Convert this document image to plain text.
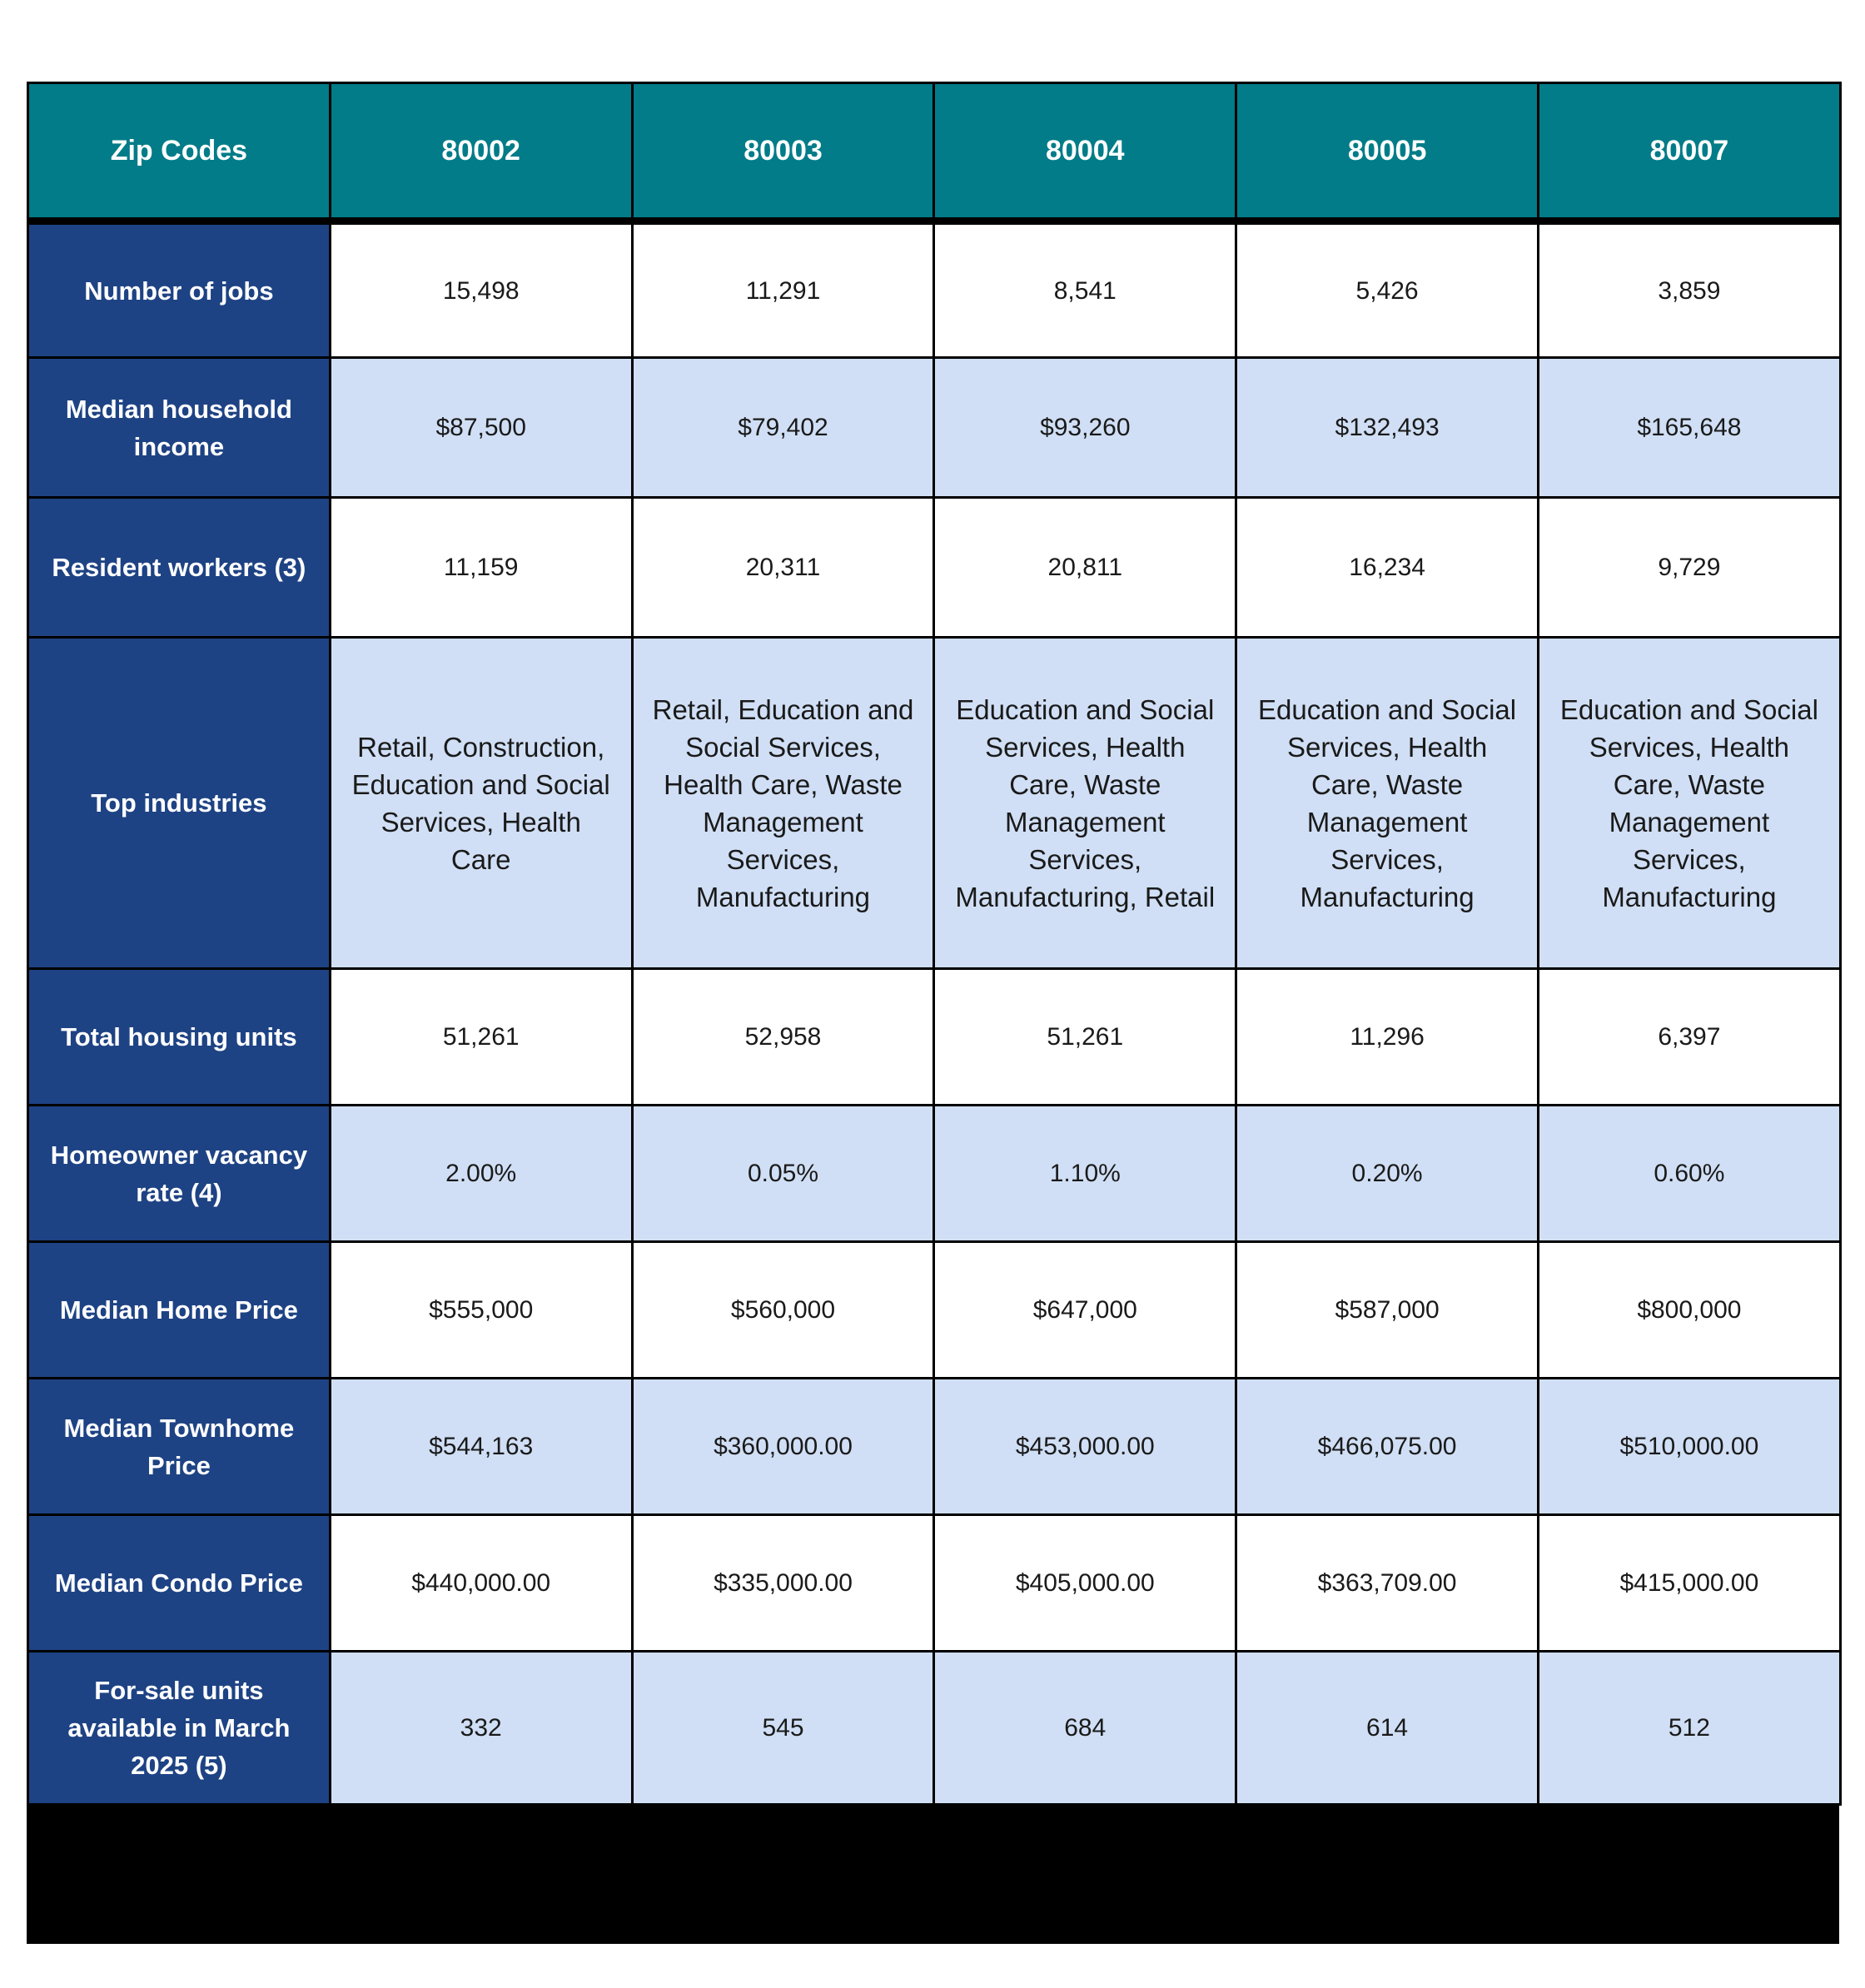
Zip Codes	80002	80003	80004	80005	80007
Number of jobs	15,498	11,291	8,541	5,426	3,859
Median household income	$87,500	$79,402	$93,260	$132,493	$165,648
Resident workers (3)	11,159	20,311	20,811	16,234	9,729
Top industries	Retail, Construction, Education and Social Services, Health Care	Retail, Education and Social Services, Health Care, Waste Management Services, Manufacturing	Education and Social Services, Health Care, Waste Management Services, Manufacturing, Retail	Education and Social Services, Health Care, Waste Management Services, Manufacturing	Education and Social Services, Health Care, Waste Management Services, Manufacturing
Total housing units	51,261	52,958	51,261	11,296	6,397
Homeowner vacancy rate (4)	2.00%	0.05%	1.10%	0.20%	0.60%
Median Home Price	$555,000	$560,000	$647,000	$587,000	$800,000
Median Townhome Price	$544,163	$360,000.00	$453,000.00	$466,075.00	$510,000.00
Median Condo Price	$440,000.00	$335,000.00	$405,000.00	$363,709.00	$415,000.00
For-sale units available in March 2025 (5)	332	545	684	614	512
